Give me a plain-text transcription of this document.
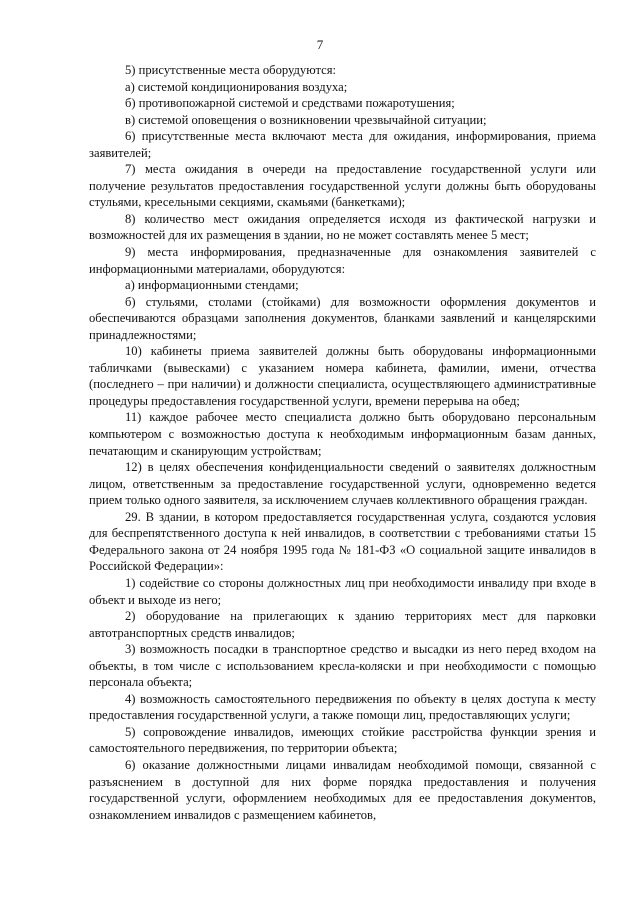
7

5) присутственные места оборудуются:

а) системой кондиционирования воздуха;

б) противопожарной системой и средствами пожаротушения;

в) системой оповещения о возникновении чрезвычайной ситуации;

6) присутственные места включают места для ожидания, информирования, приема заявителей;

7) места ожидания в очереди на предоставление государственной услуги или получение результатов предоставления государственной услуги должны быть оборудованы стульями, кресельными секциями, скамьями (банкетками);

8) количество мест ожидания определяется исходя из фактической нагрузки и возможностей для их размещения в здании, но не может составлять менее 5 мест;

9) места информирования, предназначенные для ознакомления заявителей с информационными материалами, оборудуются:

а) информационными стендами;

б) стульями, столами (стойками) для возможности оформления документов и обеспечиваются образцами заполнения документов, бланками заявлений и канцелярскими принадлежностями;

10) кабинеты приема заявителей должны быть оборудованы информационными табличками (вывесками) с указанием номера кабинета, фамилии, имени, отчества (последнего – при наличии) и должности специалиста, осуществляющего административные процедуры предоставления государственной услуги, времени перерыва на обед;

11) каждое рабочее место специалиста должно быть оборудовано персональным компьютером с возможностью доступа к необходимым информационным базам данных, печатающим и сканирующим устройствам;

12) в целях обеспечения конфиденциальности сведений о заявителях должностным лицом, ответственным за предоставление государственной услуги, одновременно ведется прием только одного заявителя, за исключением случаев коллективного обращения граждан.

29. В здании, в котором предоставляется государственная услуга, создаются условия для беспрепятственного доступа к ней инвалидов, в соответствии с требованиями статьи 15 Федерального закона от 24 ноября 1995 года № 181-ФЗ «О социальной защите инвалидов в Российской Федерации»:

1) содействие со стороны должностных лиц при необходимости инвалиду при входе в объект и выходе из него;

2) оборудование на прилегающих к зданию территориях мест для парковки автотранспортных средств инвалидов;

3) возможность посадки в транспортное средство и высадки из него перед входом на объекты, в том числе с использованием кресла-коляски и при необходимости с помощью персонала объекта;

4) возможность самостоятельного передвижения по объекту в целях доступа к месту предоставления государственной услуги, а также помощи лиц, предоставляющих услуги;

5) сопровождение инвалидов, имеющих стойкие расстройства функции зрения и самостоятельного передвижения, по территории объекта;

6) оказание должностными лицами инвалидам необходимой помощи, связанной с разъяснением в доступной для них форме порядка предоставления и получения государственной услуги, оформлением необходимых для ее предоставления документов, ознакомлением инвалидов с размещением кабинетов,
